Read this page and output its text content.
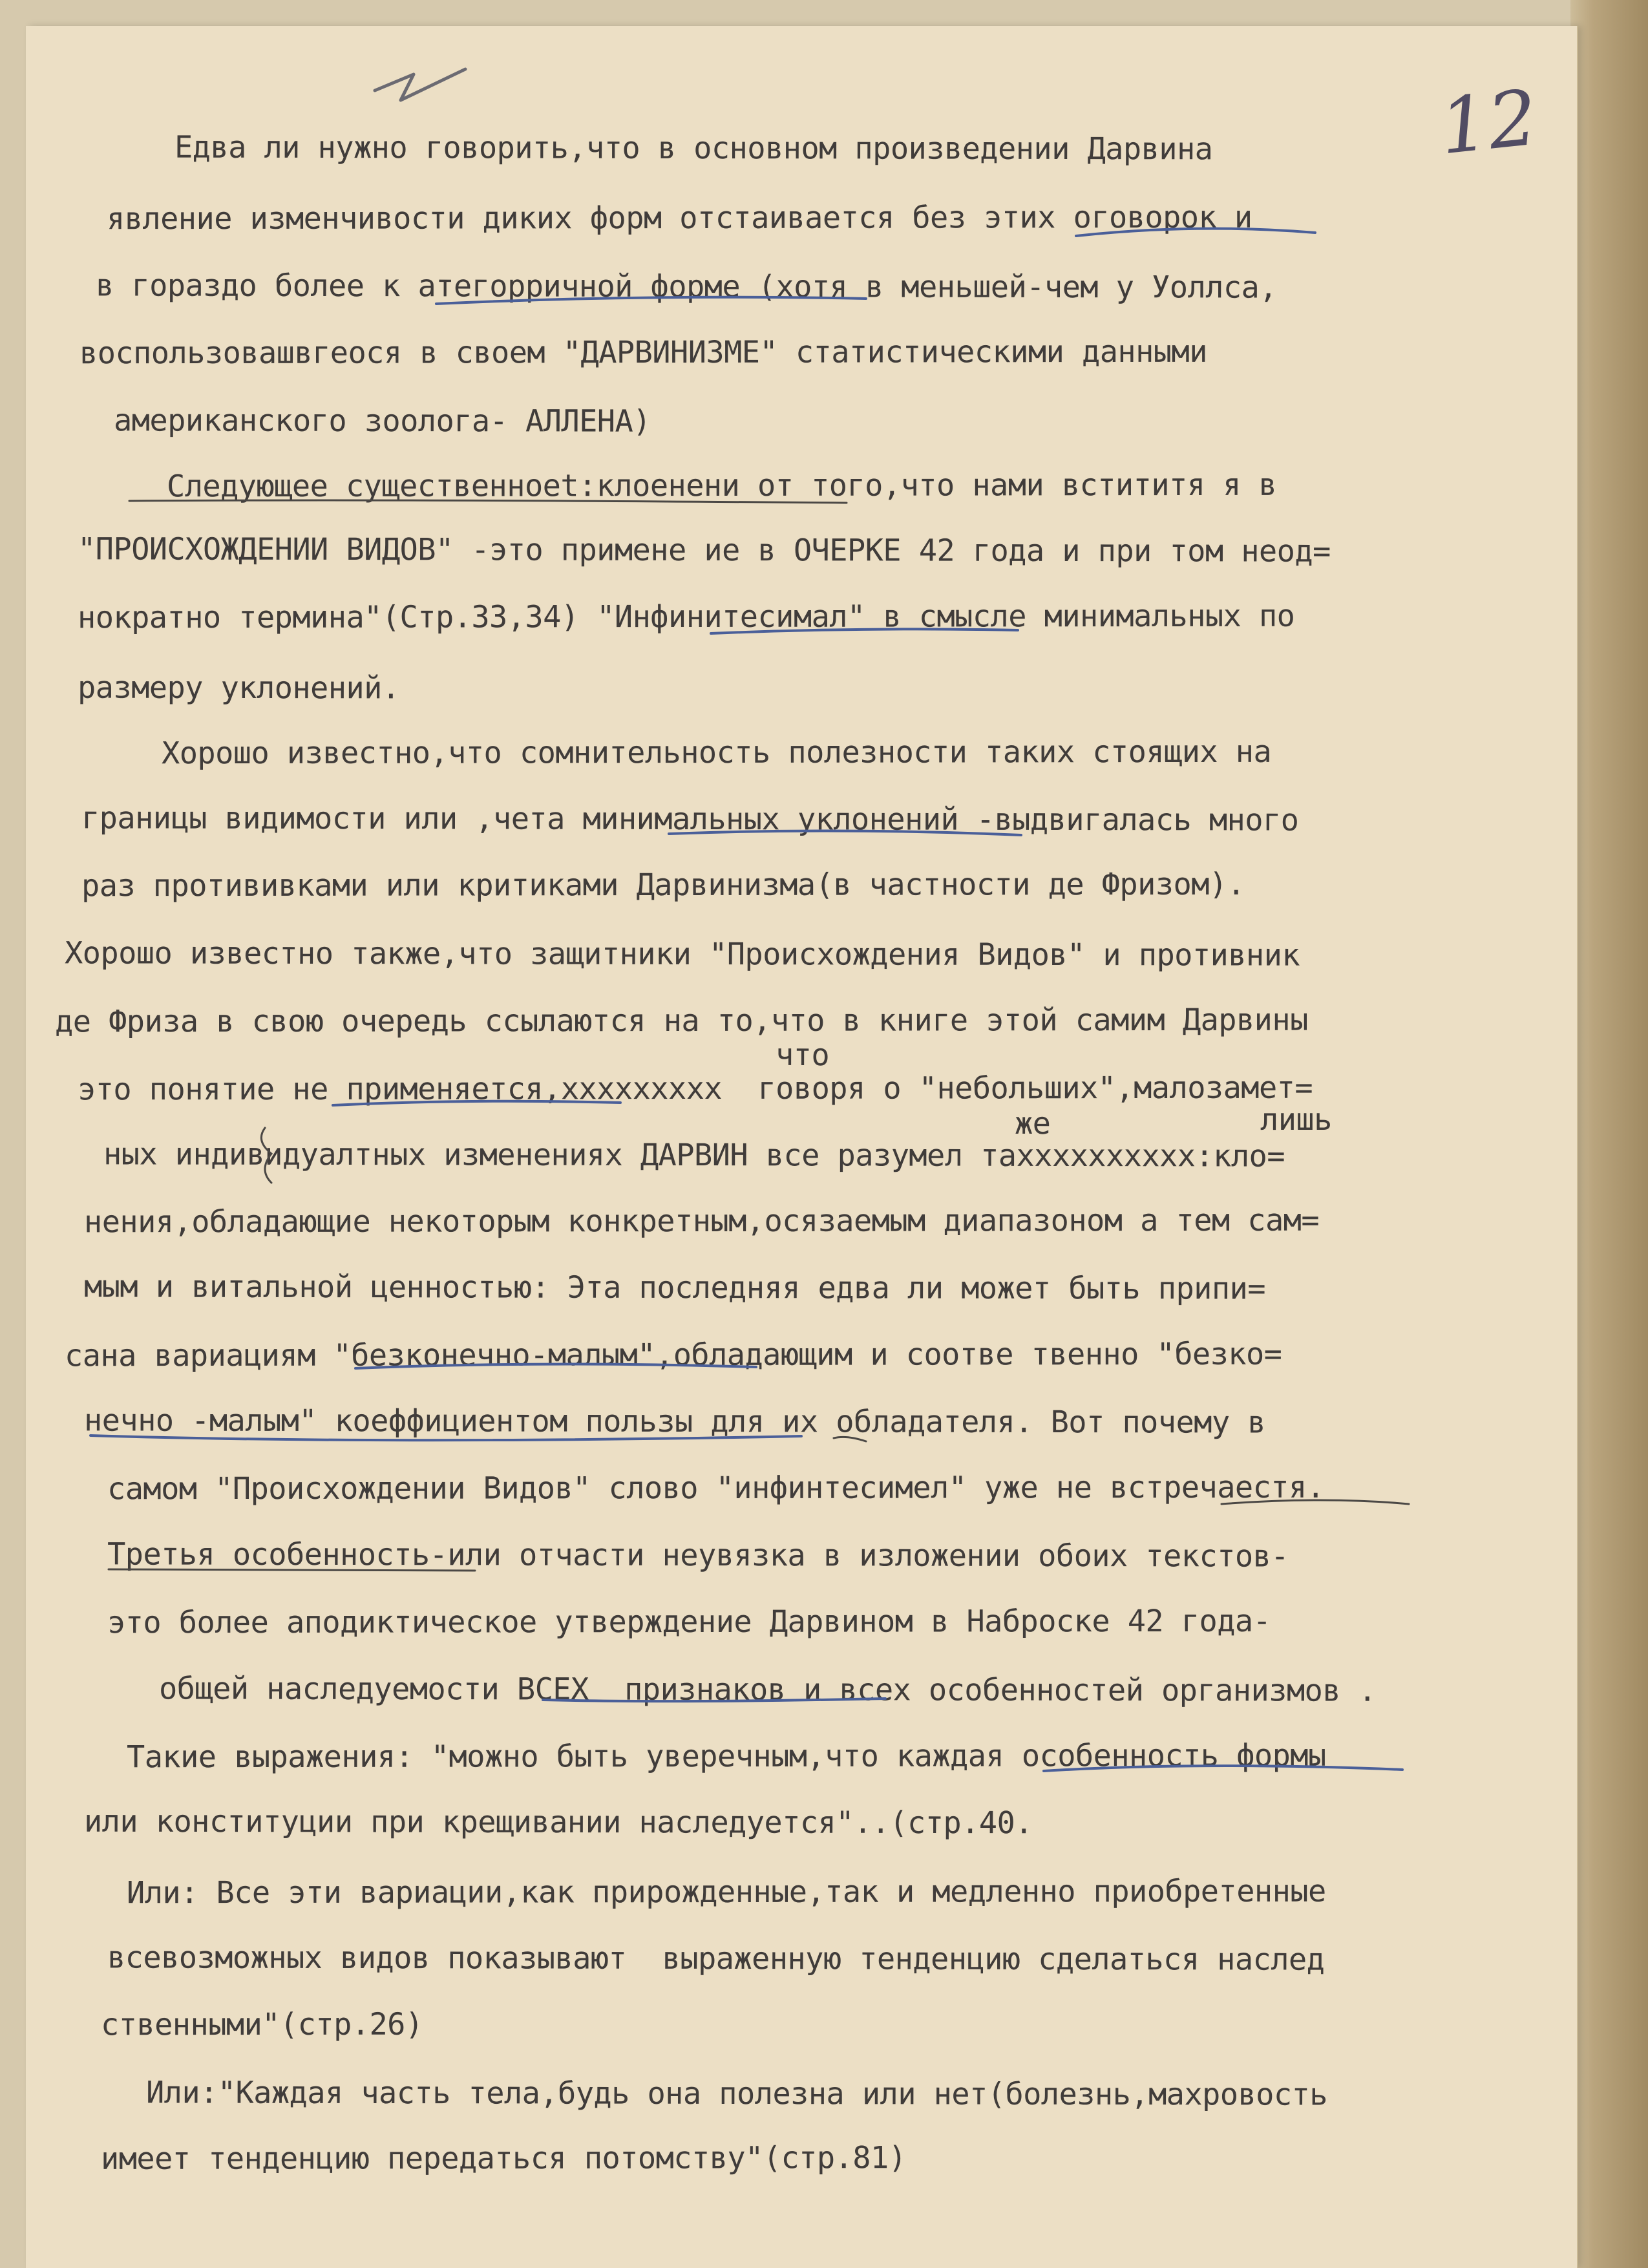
12

Едва ли нужно говорить,что в основном произведении Дарвина

явление изменчивости диких форм отстаивается без этих оговорок и

в гораздо более к атегорричной форме (хотя в меньшей-чем у Уоллса,

воспользовашвгеося в своем "ДАРВИНИЗМЕ" статистическими данными

американского зоолога- АЛЛЕНА)

Следующее существенноеt:клоенени от того,что нами встититя я в

"ПРОИСХОЖДЕНИИ ВИДОВ" -это примене ие в ОЧЕРКЕ 42 года и при том неод=

нократно термина"(Стр.33,34) "Инфинитесимал" в смысле минимальных по

размеру уклонений.

Хорошо известно,что сомнительность полезности таких стоящих на

границы видимости или ,чета минимальных уклонений -выдвигалась много

раз протививками или критиками Дарвинизма(в частности де Фризом).

Хорошо известно также,что защитники "Происхождения Видов" и противник

де Фриза в свою очередь ссылаются на то,что в книге этой самим Дарвины

что

это понятие не применяется,ххххххххх  говоря о "небольших",малозамет=

же	лишь

ных индивидуалтных изменениях ДАРВИН все разумел тахххххххххх:кло=

нения,обладающие некоторым конкретным,осязаемым диапазоном а тем сам=

мым и витальной ценностью: Эта последняя едва ли может быть припи=

сана вариациям "безконечно-малым",обладающим и соотве твенно "безко=

нечно -малым" коеффициентом пользы для их обладателя. Вот почему в

самом "Происхождении Видов" слово "инфинтесимел" уже не встречаестя.

Третья особенность-или отчасти неувязка в изложении обоих текстов-

это более аподиктическое утверждение Дарвином в Наброске 42 года-

общей наследуемости ВСЕХ  признаков и всех особенностей организмов .

Такие выражения: "можно быть уверечным,что каждая особенность формы

или конституции при крещивании наследуется"..(стр.40.

Или: Все эти вариации,как прирожденные,так и медленно приобретенные

всевозможных видов показывают  выраженную тенденцию сделаться наслед

ственными"(стр.26)

Или:"Каждая часть тела,будь она полезна или нет(болезнь,махровость

имеет тенденцию передаться потомству"(стр.81)
